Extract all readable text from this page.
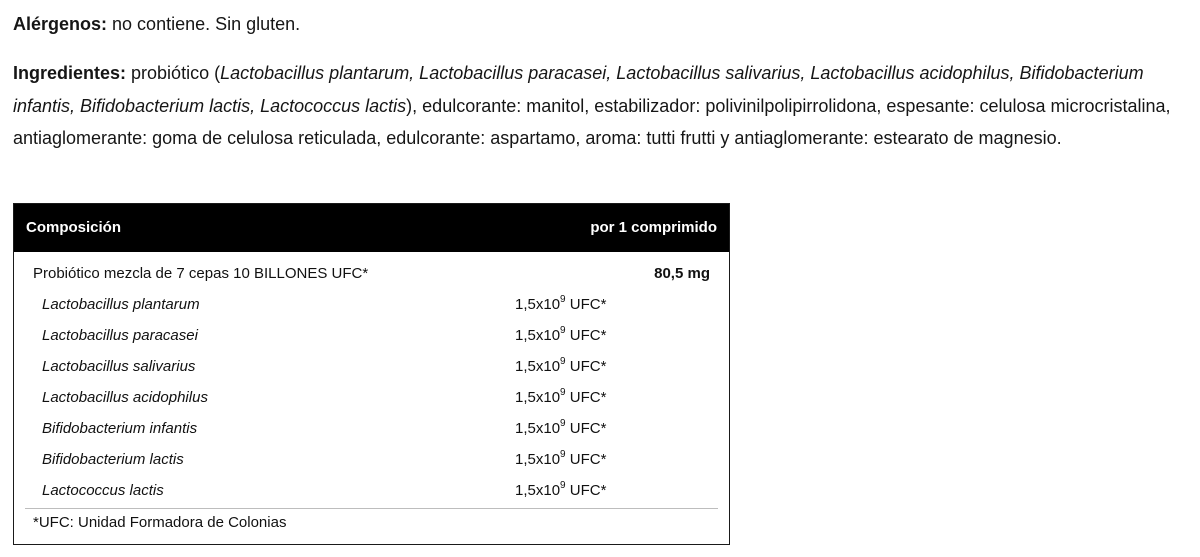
Alérgenos: no contiene. Sin gluten.
Ingredientes: probiótico (Lactobacillus plantarum, Lactobacillus paracasei, Lactobacillus salivarius, Lactobacillus acidophilus, Bifidobacterium infantis, Bifidobacterium lactis, Lactococcus lactis), edulcorante: manitol, estabilizador: polivinilpolipirrolidona, espesante: celulosa microcristalina, antiaglomerante: goma de celulosa reticulada, edulcorante: aspartamo, aroma: tutti frutti y antiaglomerante: estearato de magnesio.
Composición	por 1 comprimido
Probiótico mezcla de 7 cepas 10 BILLONES UFC*	80,5 mg
Lactobacillus plantarum	$1,5x10^9$ UFC*
Lactobacillus paracasei	$1,5x10^9$ UFC*
Lactobacillus salivarius	$1,5x10^9$ UFC*
Lactobacillus acidophilus	$1,5x10^9$ UFC*
Bifidobacterium infantis	$1,5x10^9$ UFC*
Bifidobacterium lactis	$1,5x10^9$ UFC*
Lactococcus lactis	$1,5x10^9$ UFC*
*UFC: Unidad Formadora de Colonias
